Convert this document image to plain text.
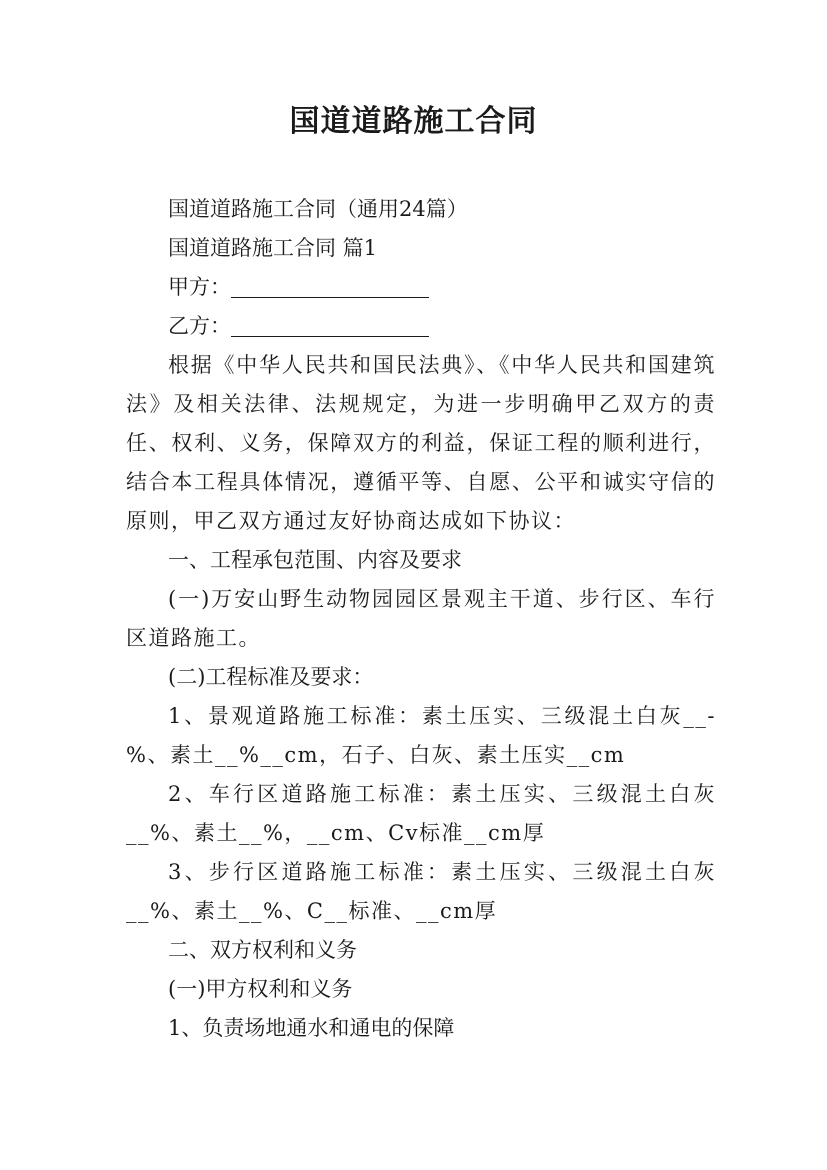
国道道路施工合同

国道道路施工合同（通用24篇）

国道道路施工合同 篇1

甲方：

乙方：

根据《中华人民共和国民法典》、《中华人民共和国建筑法》及相关法律、法规规定，为进一步明确甲乙双方的责任、权利、义务，保障双方的利益，保证工程的顺利进行，结合本工程具体情况，遵循平等、自愿、公平和诚实守信的原则，甲乙双方通过友好协商达成如下协议：

一、工程承包范围、内容及要求

(一)万安山野生动物园园区景观主干道、步行区、车行区道路施工。

(二)工程标准及要求：

1、景观道路施工标准：素土压实、三级混土白灰__-%、素土__%__cm，石子、白灰、素土压实__cm

2、车行区道路施工标准：素土压实、三级混土白灰__%、素土__%，__cm、Cv标准__cm厚

3、步行区道路施工标准：素土压实、三级混土白灰__%、素土__%、C__标准、__cm厚

二、双方权利和义务

(一)甲方权利和义务

1、负责场地通水和通电的保障
